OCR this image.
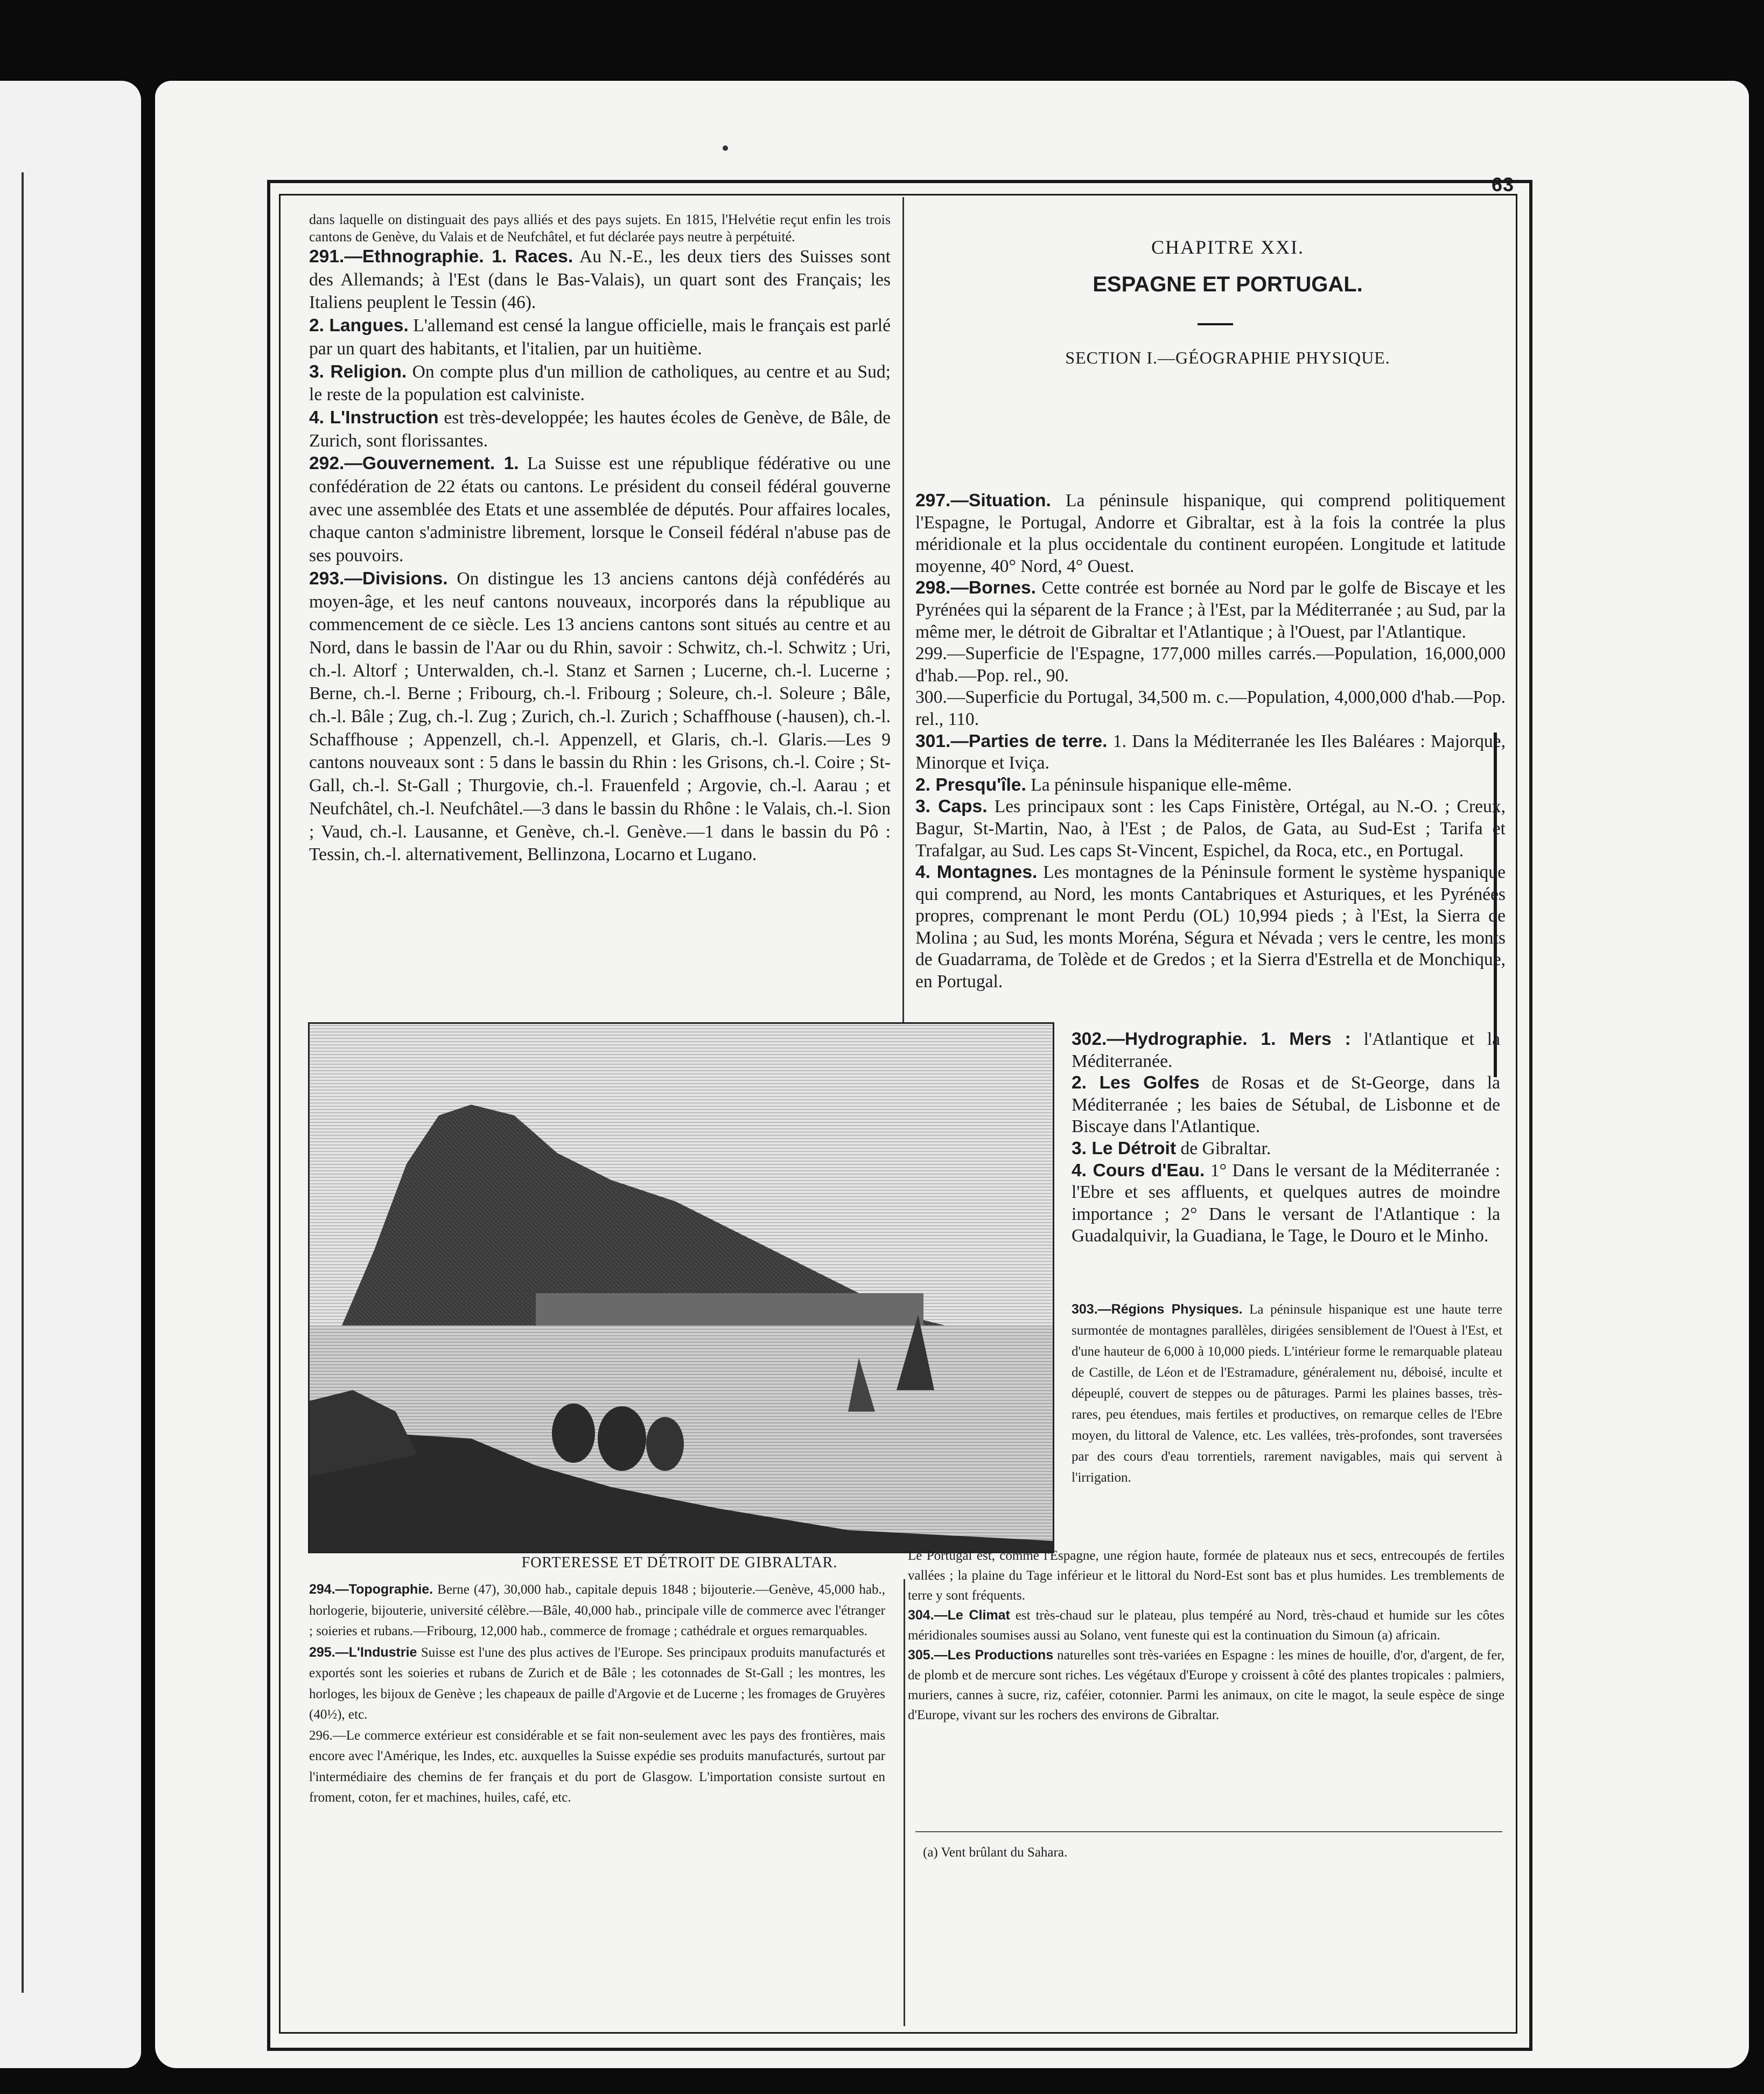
63
dans laquelle on distinguait des pays alliés et des pays sujets. En 1815, l'Helvétie reçut enfin les trois cantons de Genève, du Valais et de Neufchâtel, et fut déclarée pays neutre à perpétuité.

291.—Ethnographie. 1. Races. Au N.-E., les deux tiers des Suisses sont des Allemands; à l'Est (dans le Bas-Valais), un quart sont des Français; les Italiens peuplent le Tessin (46).

2. Langues. L'allemand est censé la langue officielle, mais le français est parlé par un quart des habitants, et l'italien, par un huitième.

3. Religion. On compte plus d'un million de catholiques, au centre et au Sud; le reste de la population est calviniste.

4. L'Instruction est très-developpée; les hautes écoles de Genève, de Bâle, de Zurich, sont florissantes.

292.—Gouvernement. 1. La Suisse est une république fédérative ou une confédération de 22 états ou cantons. Le président du conseil fédéral gouverne avec une assemblée des Etats et une assemblée de députés. Pour affaires locales, chaque canton s'administre librement, lorsque le Conseil fédéral n'abuse pas de ses pouvoirs.

293.—Divisions. On distingue les 13 anciens cantons déjà confédérés au moyen-âge, et les neuf cantons nouveaux, incorporés dans la république au commencement de ce siècle. Les 13 anciens cantons sont situés au centre et au Nord, dans le bassin de l'Aar ou du Rhin, savoir : Schwitz, ch.-l. Schwitz ; Uri, ch.-l. Altorf ; Unterwalden, ch.-l. Stanz et Sarnen ; Lucerne, ch.-l. Lucerne ; Berne, ch.-l. Berne ; Fribourg, ch.-l. Fribourg ; Soleure, ch.-l. Soleure ; Bâle, ch.-l. Bâle ; Zug, ch.-l. Zug ; Zurich, ch.-l. Zurich ; Schaffhouse (-hausen), ch.-l. Schaffhouse ; Appenzell, ch.-l. Appenzell, et Glaris, ch.-l. Glaris.—Les 9 cantons nouveaux sont : 5 dans le bassin du Rhin : les Grisons, ch.-l. Coire ; St-Gall, ch.-l. St-Gall ; Thurgovie, ch.-l. Frauenfeld ; Argovie, ch.-l. Aarau ; et Neufchâtel, ch.-l. Neufchâtel.—3 dans le bassin du Rhône : le Valais, ch.-l. Sion ; Vaud, ch.-l. Lausanne, et Genève, ch.-l. Genève.—1 dans le bassin du Pô : Tessin, ch.-l. alternativement, Bellinzona, Locarno et Lugano.

CHAPITRE XXI.
ESPAGNE ET PORTUGAL.
SECTION I.—GÉOGRAPHIE PHYSIQUE.

297.—Situation. La péninsule hispanique, qui comprend politiquement l'Espagne, le Portugal, Andorre et Gibraltar, est à la fois la contrée la plus méridionale et la plus occidentale du continent européen. Longitude et latitude moyenne, 40° Nord, 4° Ouest.

298.—Bornes. Cette contrée est bornée au Nord par le golfe de Biscaye et les Pyrénées qui la séparent de la France ; à l'Est, par la Méditerranée ; au Sud, par la même mer, le détroit de Gibraltar et l'Atlantique ; à l'Ouest, par l'Atlantique.

299.—Superficie de l'Espagne, 177,000 milles carrés.—Population, 16,000,000 d'hab.—Pop. rel., 90.

300.—Superficie du Portugal, 34,500 m. c.—Population, 4,000,000 d'hab.—Pop. rel., 110.

301.—Parties de terre. 1. Dans la Méditerranée les Iles Baléares : Majorque, Minorque et Iviça.

2. Presqu'île. La péninsule hispanique elle-même.

3. Caps. Les principaux sont : les Caps Finistère, Ortégal, au N.-O. ; Creux, Bagur, St-Martin, Nao, à l'Est ; de Palos, de Gata, au Sud-Est ; Tarifa et Trafalgar, au Sud. Les caps St-Vincent, Espichel, da Roca, etc., en Portugal.

4. Montagnes. Les montagnes de la Péninsule forment le système hyspanique qui comprend, au Nord, les monts Cantabriques et Asturiques, et les Pyrénées propres, comprenant le mont Perdu (OL) 10,994 pieds ; à l'Est, la Sierra de Molina ; au Sud, les monts Moréna, Ségura et Névada ; vers le centre, les monts de Guadarrama, de Tolède et de Gredos ; et la Sierra d'Estrella et de Monchique, en Portugal.

302.—Hydrographie. 1. Mers : l'Atlantique et la Méditerranée.

2. Les Golfes de Rosas et de St-George, dans la Méditerranée ; les baies de Sétubal, de Lisbonne et de Biscaye dans l'Atlantique.

3. Le Détroit de Gibraltar.

4. Cours d'Eau. 1° Dans le versant de la Méditerranée : l'Ebre et ses affluents, et quelques autres de moindre importance ; 2° Dans le versant de l'Atlantique : la Guadalquivir, la Guadiana, le Tage, le Douro et le Minho.

FORTERESSE ET DÉTROIT DE GIBRALTAR.

303.—Régions Physiques. La péninsule hispanique est une haute terre surmontée de montagnes parallèles, dirigées sensiblement de l'Ouest à l'Est, et d'une hauteur de 6,000 à 10,000 pieds. L'intérieur forme le remarquable plateau de Castille, de Léon et de l'Estramadure, généralement nu, déboisé, inculte et dépeuplé, couvert de steppes ou de pâturages. Parmi les plaines basses, très-rares, peu étendues, mais fertiles et productives, on remarque celles de l'Ebre moyen, du littoral de Valence, etc. Les vallées, très-profondes, sont traversées par des cours d'eau torrentiels, rarement navigables, mais qui servent à l'irrigation.

Le Portugal est, comme l'Espagne, une région haute, formée de plateaux nus et secs, entrecoupés de fertiles vallées ; la plaine du Tage inférieur et le littoral du Nord-Est sont bas et plus humides. Les tremblements de terre y sont fréquents.

304.—Le Climat est très-chaud sur le plateau, plus tempéré au Nord, très-chaud et humide sur les côtes méridionales soumises aussi au Solano, vent funeste qui est la continuation du Simoun (a) africain.

305.—Les Productions naturelles sont très-variées en Espagne : les mines de houille, d'or, d'argent, de fer, de plomb et de mercure sont riches. Les végétaux d'Europe y croissent à côté des plantes tropicales : palmiers, muriers, cannes à sucre, riz, caféier, cotonnier. Parmi les animaux, on cite le magot, la seule espèce de singe d'Europe, vivant sur les rochers des environs de Gibraltar.

294.—Topographie. Berne (47), 30,000 hab., capitale depuis 1848 ; bijouterie.—Genève, 45,000 hab., horlogerie, bijouterie, université célèbre.—Bâle, 40,000 hab., principale ville de commerce avec l'étranger ; soieries et rubans.—Fribourg, 12,000 hab., commerce de fromage ; cathédrale et orgues remarquables.

295.—L'Industrie Suisse est l'une des plus actives de l'Europe. Ses principaux produits manufacturés et exportés sont les soieries et rubans de Zurich et de Bâle ; les cotonnades de St-Gall ; les montres, les horloges, les bijoux de Genève ; les chapeaux de paille d'Argovie et de Lucerne ; les fromages de Gruyères (40½), etc.

296.—Le commerce extérieur est considérable et se fait non-seulement avec les pays des frontières, mais encore avec l'Amérique, les Indes, etc. auxquelles la Suisse expédie ses produits manufacturés, surtout par l'intermédiaire des chemins de fer français et du port de Glasgow. L'importation consiste surtout en froment, coton, fer et machines, huiles, café, etc.

(a) Vent brûlant du Sahara.
